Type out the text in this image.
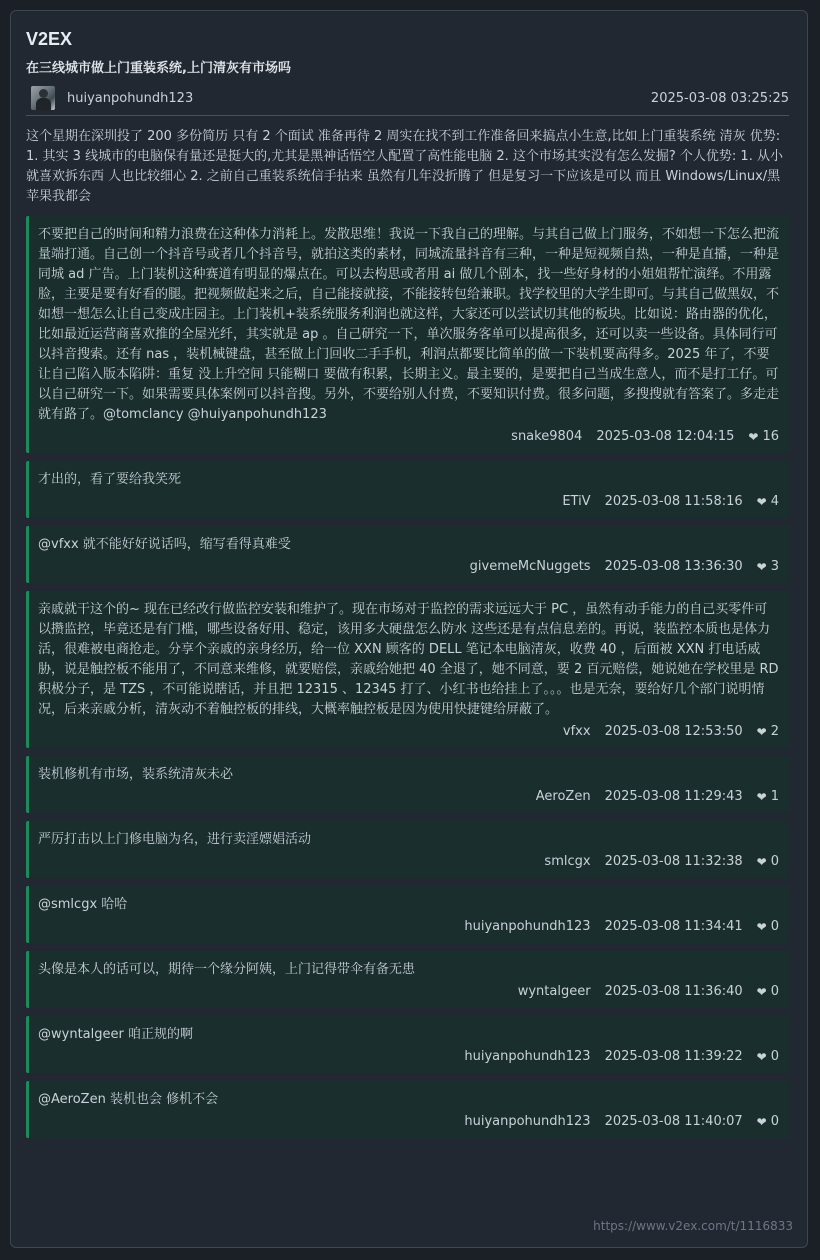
V2EX
在三线城市做上门重装系统,上门清灰有市场吗
huiyanpohundh123	2025-03-08 03:25:25
这个星期在深圳投了 200 多份简历 只有 2 个面试 准备再待 2 周实在找不到工作准备回来搞点小生意,比如上门重装系统 清灰 优势: 1. 其实 3 线城市的电脑保有量还是挺大的,尤其是黑神话悟空人配置了高性能电脑 2. 这个市场其实没有怎么发掘? 个人优势: 1. 从小就喜欢拆东西 人也比较细心 2. 之前自己重装系统信手拈来 虽然有几年没折腾了 但是复习一下应该是可以 而且 Windows/Linux/黑苹果我都会
不要把自己的时间和精力浪费在这种体力消耗上。发散思维！我说一下我自己的理解。与其自己做上门服务，不如想一下怎么把流量端打通。自己创一个抖音号或者几个抖音号，就拍这类的素材，同城流量抖音有三种，一种是短视频自热，一种是直播，一种是同城 ad 广告。上门装机这种赛道有明显的爆点在。可以去构思或者用 ai 做几个剧本，找一些好身材的小姐姐帮忙演绎。不用露脸，主要是要有好看的腿。把视频做起来之后，自己能接就接，不能接转包给兼职。找学校里的大学生即可。与其自己做黑奴，不如想一想怎么让自己变成庄园主。上门装机+装系统服务利润也就这样，大家还可以尝试切其他的板块。比如说：路由器的优化，比如最近运营商喜欢推的全屋光纤，其实就是 ap 。自己研究一下，单次服务客单可以提高很多，还可以卖一些设备。具体同行可以抖音搜索。还有 nas ，装机械键盘，甚至做上门回收二手手机，利润点都要比简单的做一下装机要高得多。2025 年了，不要让自己陷入版本陷阱：重复 没上升空间 只能糊口 要做有积累，长期主义。最主要的，是要把自己当成生意人，而不是打工仔。可以自己研究一下。如果需要具体案例可以抖音搜。另外，不要给别人付费，不要知识付费。很多问题，多搜搜就有答案了。多走走就有路了。@tomclancy @huiyanpohundh123
snake9804 2025-03-08 12:04:15 ❤ 16
才出的，看了要给我笑死
ETiV 2025-03-08 11:58:16 ❤ 4
@vfxx 就不能好好说话吗，缩写看得真难受
givemeMcNuggets 2025-03-08 13:36:30 ❤ 3
亲戚就干这个的~ 现在已经改行做监控安装和维护了。现在市场对于监控的需求远远大于 PC ，虽然有动手能力的自己买零件可以攒监控，毕竟还是有门槛，哪些设备好用、稳定，该用多大硬盘怎么防水 这些还是有点信息差的。再说，装监控本质也是体力活，很难被电商抢走。分享个亲戚的亲身经历，给一位 XXN 顾客的 DELL 笔记本电脑清灰，收费 40 ，后面被 XXN 打电话威胁，说是触控板不能用了，不同意来维修，就要赔偿，亲戚给她把 40 全退了，她不同意，要 2 百元赔偿，她说她在学校里是 RD 积极分子，是 TZS ，不可能说瞎话，并且把 12315 、12345 打了、小红书也给挂上了。。。也是无奈，要给好几个部门说明情况，后来亲戚分析，清灰动不着触控板的排线，大概率触控板是因为使用快捷键给屏蔽了。
vfxx 2025-03-08 12:53:50 ❤ 2
装机修机有市场，装系统清灰未必
AeroZen 2025-03-08 11:29:43 ❤ 1
严厉打击以上门修电脑为名，进行卖淫嫖娼活动
smlcgx 2025-03-08 11:32:38 ❤ 0
@smlcgx 哈哈
huiyanpohundh123 2025-03-08 11:34:41 ❤ 0
头像是本人的话可以，期待一个缘分阿姨，上门记得带伞有备无患
wyntalgeer 2025-03-08 11:36:40 ❤ 0
@wyntalgeer 咱正规的啊
huiyanpohundh123 2025-03-08 11:39:22 ❤ 0
@AeroZen 装机也会 修机不会
huiyanpohundh123 2025-03-08 11:40:07 ❤ 0
https://www.v2ex.com/t/1116833
